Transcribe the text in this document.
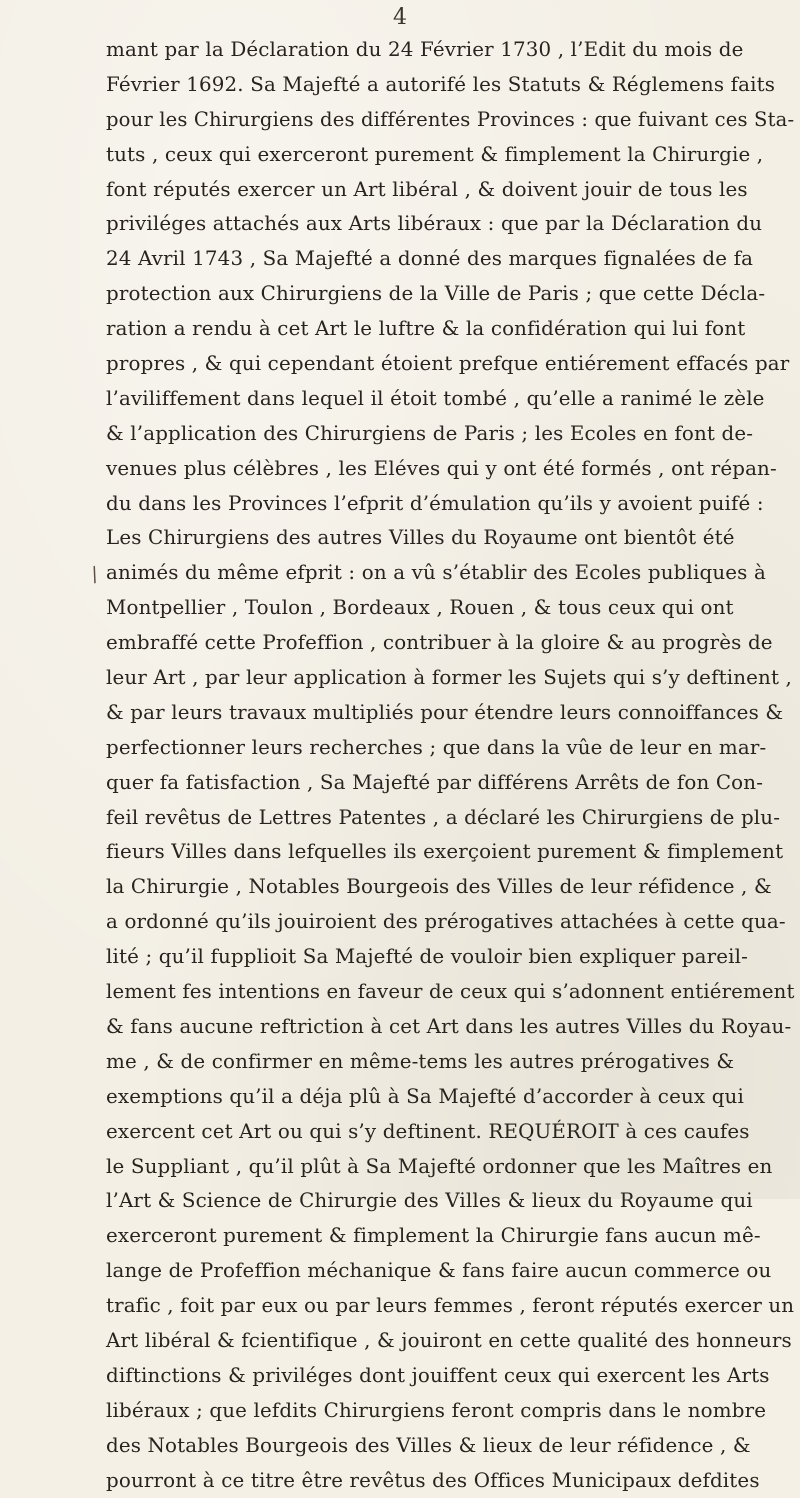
4
/
mant par la Déclaration du 24 Février 1730 , l’Edit du mois de
Février 1692. Sa Majefté a autorifé les Statuts & Réglemens faits
pour les Chirurgiens des différentes Provinces : que fuivant ces Sta-
tuts , ceux qui exerceront purement & fimplement la Chirurgie ,
font réputés exercer un Art libéral , & doivent jouir de tous les
priviléges attachés aux Arts libéraux : que par la Déclaration du
24 Avril 1743 , Sa Majefté a donné des marques fignalées de fa
protection aux Chirurgiens de la Ville de Paris ; que cette Décla-
ration a rendu à cet Art le luftre & la confidération qui lui font
propres , & qui cependant étoient prefque entiérement effacés par
l’aviliffement dans lequel il étoit tombé , qu’elle a ranimé le zèle
& l’application des Chirurgiens de Paris ; les Ecoles en font de-
venues plus célèbres , les Eléves qui y ont été formés , ont répan-
du dans les Provinces l’efprit d’émulation qu’ils y avoient puifé :
Les Chirurgiens des autres Villes du Royaume ont bientôt été
animés du même efprit : on a vû s’établir des Ecoles publiques à
Montpellier , Toulon , Bordeaux , Rouen , & tous ceux qui ont
embraffé cette Profeffion , contribuer à la gloire & au progrès de
leur Art , par leur application à former les Sujets qui s’y deftinent ,
& par leurs travaux multipliés pour étendre leurs connoiffances &
perfectionner leurs recherches ; que dans la vûe de leur en mar-
quer fa fatisfaction , Sa Majefté par différens Arrêts de fon Con-
feil revêtus de Lettres Patentes , a déclaré les Chirurgiens de plu-
fieurs Villes dans lefquelles ils exerçoient purement & fimplement
la Chirurgie , Notables Bourgeois des Villes de leur réfidence , &
a ordonné qu’ils jouiroient des prérogatives attachées à cette qua-
lité ; qu’il fupplioit Sa Majefté de vouloir bien expliquer pareil-
lement fes intentions en faveur de ceux qui s’adonnent entiérement
& fans aucune reftriction à cet Art dans les autres Villes du Royau-
me , & de confirmer en même-tems les autres prérogatives &
exemptions qu’il a déja plû à Sa Majefté d’accorder à ceux qui
exercent cet Art ou qui s’y deftinent. REQUÉROIT à ces caufes
le Suppliant , qu’il plût à Sa Majefté ordonner que les Maîtres en
l’Art & Science de Chirurgie des Villes & lieux du Royaume qui
exerceront purement & fimplement la Chirurgie fans aucun mê-
lange de Profeffion méchanique & fans faire aucun commerce ou
trafic , foit par eux ou par leurs femmes , feront réputés exercer un
Art libéral & fcientifique , & jouiront en cette qualité des honneurs
diftinctions & priviléges dont jouiffent ceux qui exercent les Arts
libéraux ; que lefdits Chirurgiens feront compris dans le nombre
des Notables Bourgeois des Villes & lieux de leur réfidence , &
pourront à ce titre être revêtus des Offices Municipaux defdites
